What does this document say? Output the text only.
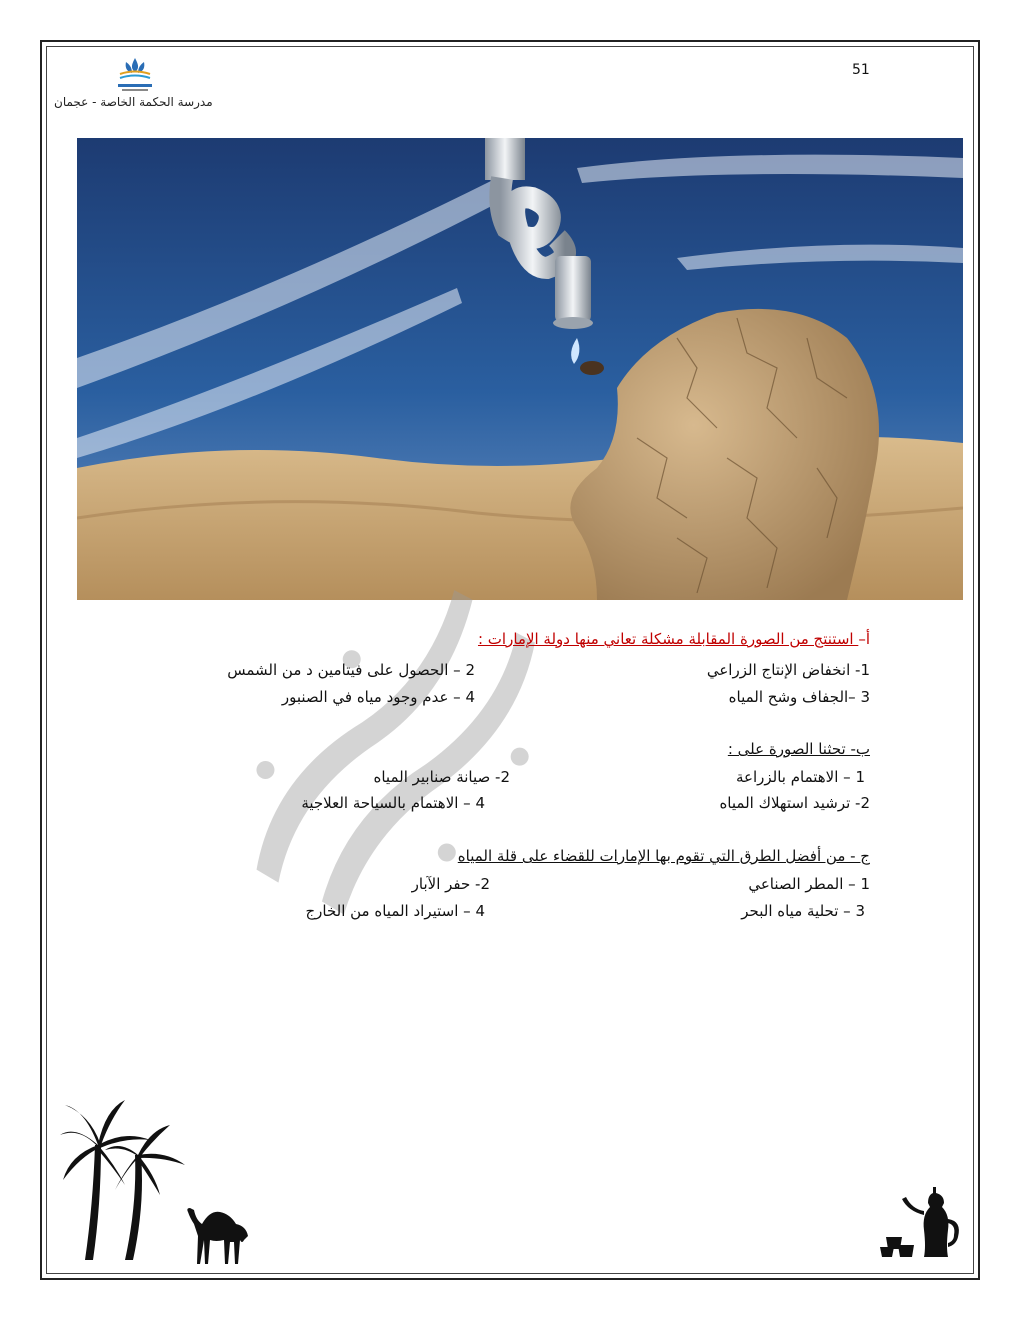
51
مدرسة الحكمة الخاصة - عجمان
أ– استنتج من الصورة المقابلة مشكلة تعاني منها دولة الإمارات :
1- انخفاض الإنتاج الزراعي
2 – الحصول على فيتامين د من الشمس
3 –الجفاف وشح المياه
4 – عدم وجود مياه في الصنبور
ب- تحثنا الصورة على :
1 – الاهتمام بالزراعة
2- صيانة صنابير المياه
2- ترشيد استهلاك المياه
4 – الاهتمام بالسياحة العلاجية
ج - من أفضل الطرق التي تقوم بها الإمارات للقضاء على قلة المياه
1 – المطر الصناعي
2- حفر الآبار
3 – تحلية مياه البحر
4 – استيراد المياه من الخارج
